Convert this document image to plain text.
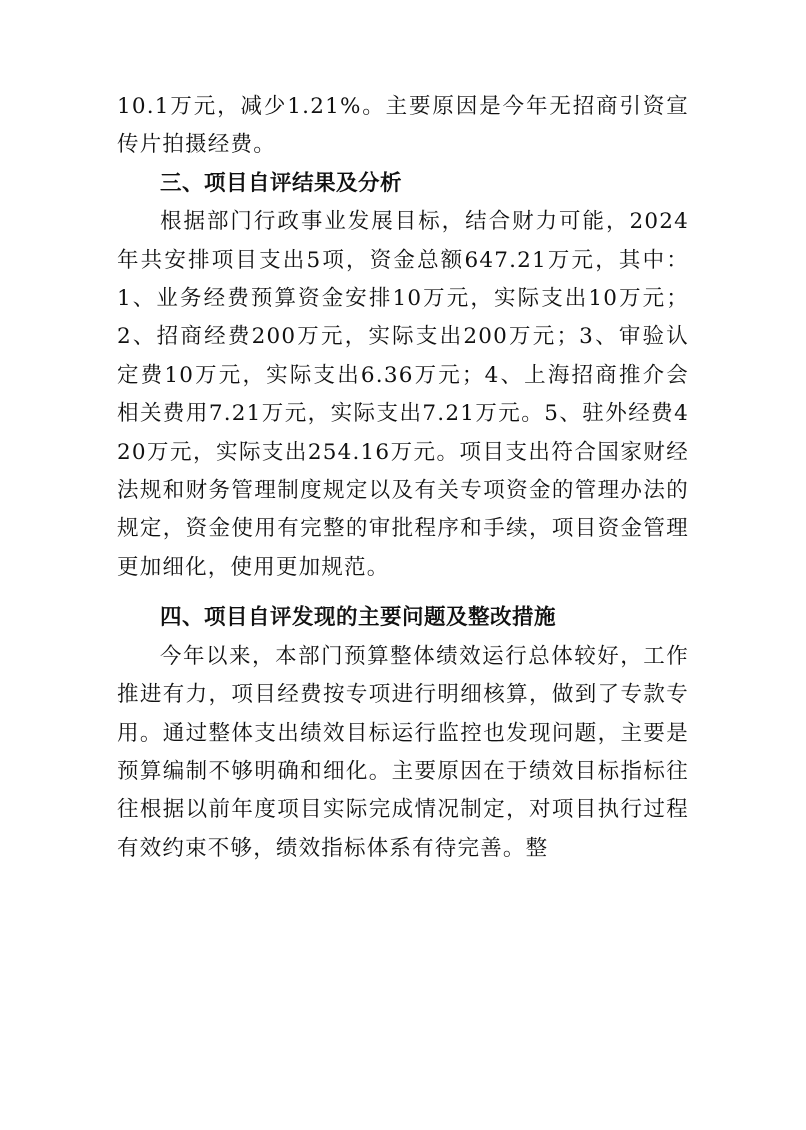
10.1万元，减少1.21%。主要原因是今年无招商引资宣传片拍摄经费。

三、项目自评结果及分析

根据部门行政事业发展目标，结合财力可能，2024年共安排项目支出5项，资金总额647.21万元，其中：1、业务经费预算资金安排10万元，实际支出10万元；2、招商经费200万元，实际支出200万元；3、审验认定费10万元，实际支出6.36万元；4、上海招商推介会相关费用7.21万元，实际支出7.21万元。5、驻外经费420万元，实际支出254.16万元。项目支出符合国家财经法规和财务管理制度规定以及有关专项资金的管理办法的规定，资金使用有完整的审批程序和手续，项目资金管理更加细化，使用更加规范。

四、项目自评发现的主要问题及整改措施

今年以来，本部门预算整体绩效运行总体较好，工作推进有力，项目经费按专项进行明细核算，做到了专款专用。通过整体支出绩效目标运行监控也发现问题，主要是预算编制不够明确和细化。主要原因在于绩效目标指标往往根据以前年度项目实际完成情况制定，对项目执行过程有效约束不够，绩效指标体系有待完善。整
